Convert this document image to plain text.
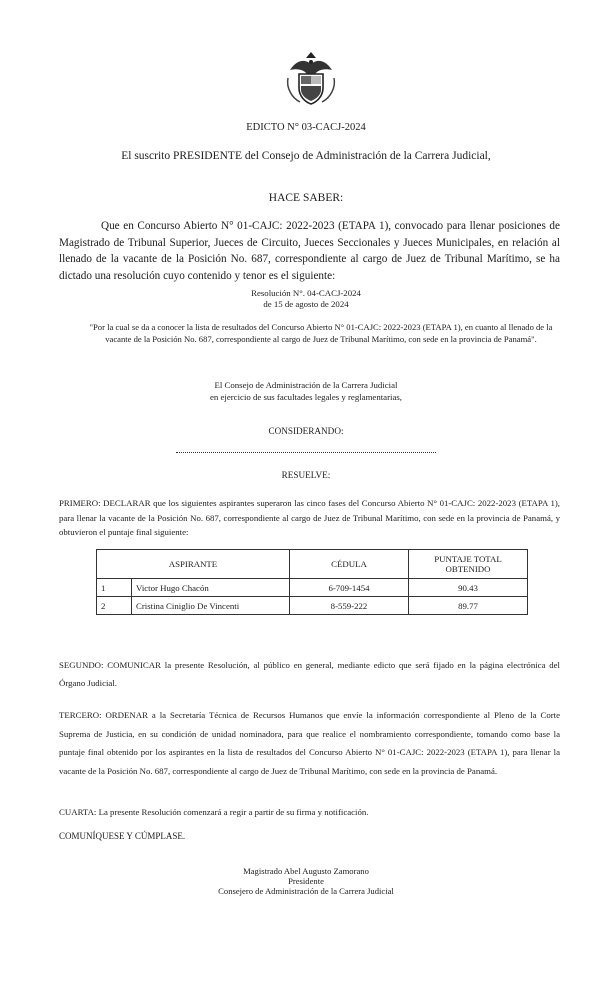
EDICTO N° 03-CACJ-2024
El suscrito PRESIDENTE del Consejo de Administración de la Carrera Judicial,
HACE SABER:
Que en Concurso Abierto N° 01-CAJC: 2022-2023 (ETAPA 1), convocado para llenar posiciones de Magistrado de Tribunal Superior, Jueces de Circuito, Jueces Seccionales y Jueces Municipales, en relación al llenado de la vacante de la Posición No. 687, correspondiente al cargo de Juez de Tribunal Marítimo, se ha dictado una resolución cuyo contenido y tenor es el siguiente:
Resolución N°. 04-CACJ-2024
de 15 de agosto de 2024
"Por la cual se da a conocer la lista de resultados del Concurso Abierto N° 01-CAJC: 2022-2023 (ETAPA 1), en cuanto al llenado de la vacante de la Posición No. 687, correspondiente al cargo de Juez de Tribunal Marítimo, con sede en la provincia de Panamá".
El Consejo de Administración de la Carrera Judicial
en ejercicio de sus facultades legales y reglamentarias,
CONSIDERANDO:
RESUELVE:
PRIMERO: DECLARAR que los siguientes aspirantes superaron las cinco fases del Concurso Abierto N° 01-CAJC: 2022-2023 (ETAPA 1), para llenar la vacante de la Posición No. 687, correspondiente al cargo de Juez de Tribunal Marítimo, con sede en la provincia de Panamá, y obtuvieron el puntaje final siguiente:
ASPIRANTE		CÉDULA	PUNTAJE TOTAL OBTENIDO
1	Victor Hugo Chacón	6-709-1454	90.43
2	Cristina Ciniglio De Vincenti	8-559-222	89.77
SEGUNDO: COMUNICAR la presente Resolución, al público en general, mediante edicto que será fijado en la página electrónica del Órgano Judicial.
TERCERO: ORDENAR a la Secretaría Técnica de Recursos Humanos que envíe la información correspondiente al Pleno de la Corte Suprema de Justicia, en su condición de unidad nominadora, para que realice el nombramiento correspondiente, tomando como base la puntaje final obtenido por los aspirantes en la lista de resultados del Concurso Abierto N° 01-CAJC: 2022-2023 (ETAPA 1), para llenar la vacante de la Posición No. 687, correspondiente al cargo de Juez de Tribunal Marítimo, con sede en la provincia de Panamá.
CUARTA: La presente Resolución comenzará a regir a partir de su firma y notificación.
COMUNÍQUESE Y CÚMPLASE.
Magistrado Abel Augusto Zamorano
Presidente
Consejero de Administración de la Carrera Judicial
